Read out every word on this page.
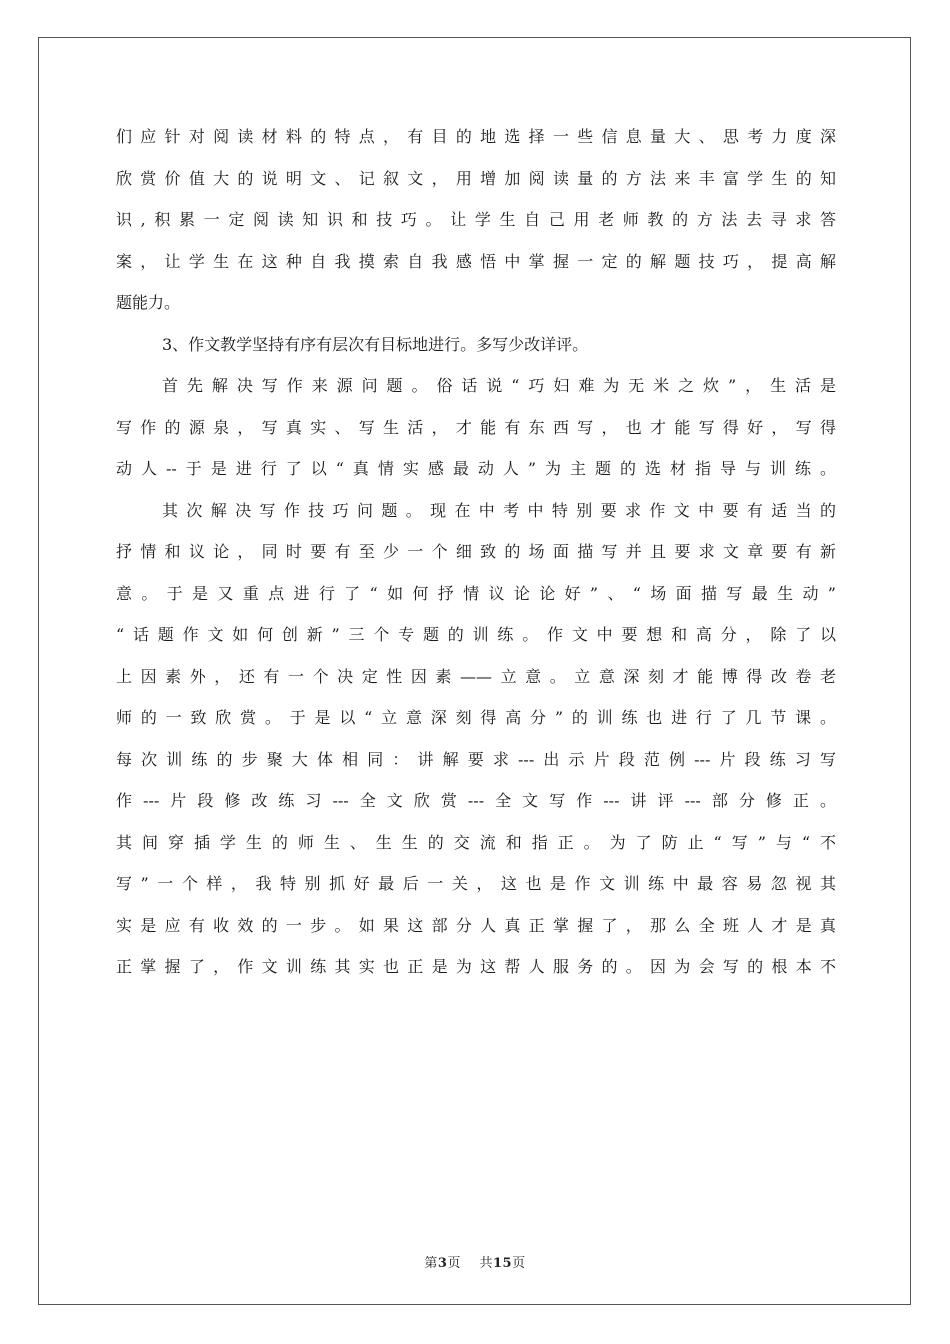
们应针对阅读材料的特点，有目的地选择一些信息量大、思考力度深
欣赏价值大的说明文、记叙文，用增加阅读量的方法来丰富学生的知
识,积累一定阅读知识和技巧。让学生自己用老师教的方法去寻求答
案，让学生在这种自我摸索自我感悟中掌握一定的解题技巧，提高解
题能力。
3、作文教学坚持有序有层次有目标地进行。多写少改详评。
首先解决写作来源问题。俗话说“巧妇难为无米之炊”，生活是
写作的源泉，写真实、写生活，才能有东西写，也才能写得好，写得
动人--于是进行了以“真情实感最动人”为主题的选材指导与训练。
其次解决写作技巧问题。现在中考中特别要求作文中要有适当的
抒情和议论，同时要有至少一个细致的场面描写并且要求文章要有新
意。于是又重点进行了“如何抒情议论论好”、“场面描写最生动”
“话题作文如何创新”三个专题的训练。作文中要想和高分，除了以
上因素外，还有一个决定性因素——立意。立意深刻才能博得改卷老
师的一致欣赏。于是以“立意深刻得高分”的训练也进行了几节课。
每次训练的步聚大体相同：讲解要求---出示片段范例---片段练习写
作---片段修改练习---全文欣赏---全文写作---讲评---部分修正。
其间穿插学生的师生、生生的交流和指正。为了防止“写”与“不
写”一个样，我特别抓好最后一关，这也是作文训练中最容易忽视其
实是应有收效的一步。如果这部分人真正掌握了，那么全班人才是真
正掌握了，作文训练其实也正是为这帮人服务的。因为会写的根本不
第3页 共15页
